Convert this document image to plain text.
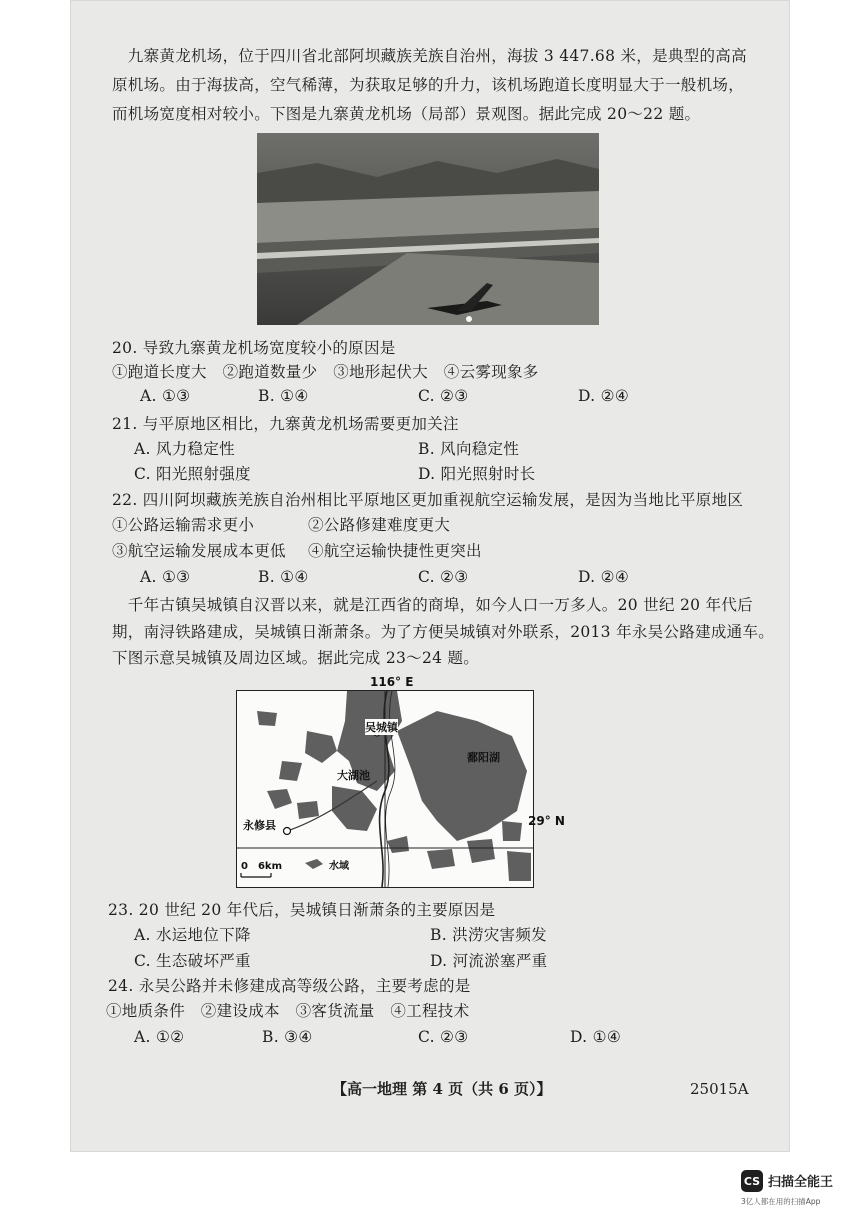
　九寨黄龙机场，位于四川省北部阿坝藏族羌族自治州，海拔 3 447.68 米，是典型的高高
原机场。由于海拔高，空气稀薄，为获取足够的升力，该机场跑道长度明显大于一般机场，
而机场宽度相对较小。下图是九寨黄龙机场（局部）景观图。据此完成 20～22 题。
20. 导致九寨黄龙机场宽度较小的原因是
①跑道长度大　②跑道数量少　③地形起伏大　④云雾现象多
A. ①③	B. ①④	C. ②③	D. ②④
21. 与平原地区相比，九寨黄龙机场需要更加关注
A. 风力稳定性	B. 风向稳定性
C. 阳光照射强度	D. 阳光照射时长
22. 四川阿坝藏族羌族自治州相比平原地区更加重视航空运输发展，是因为当地比平原地区
①公路运输需求更小	②公路修建难度更大
③航空运输发展成本更低 ④航空运输快捷性更突出
A. ①③	B. ①④	C. ②③	D. ②④
　千年古镇吴城镇自汉晋以来，就是江西省的商埠，如今人口一万多人。20 世纪 20 年代后
期，南浔铁路建成，吴城镇日渐萧条。为了方便吴城镇对外联系，2013 年永吴公路建成通车。
下图示意吴城镇及周边区域。据此完成 23～24 题。
116° E
吴城镇
大湖池
鄱阳湖
永修县
0　6km	水域
29° N
23. 20 世纪 20 年代后，吴城镇日渐萧条的主要原因是
A. 水运地位下降	B. 洪涝灾害频发
C. 生态破坏严重	D. 河流淤塞严重
24. 永吴公路并未修建成高等级公路，主要考虑的是
①地质条件　②建设成本　③客货流量　④工程技术
A. ①②	B. ③④	C. ②③	D. ①④
【高一地理 第 4 页（共 6 页）】	25015A
CS 扫描全能王
3亿人都在用的扫描App
